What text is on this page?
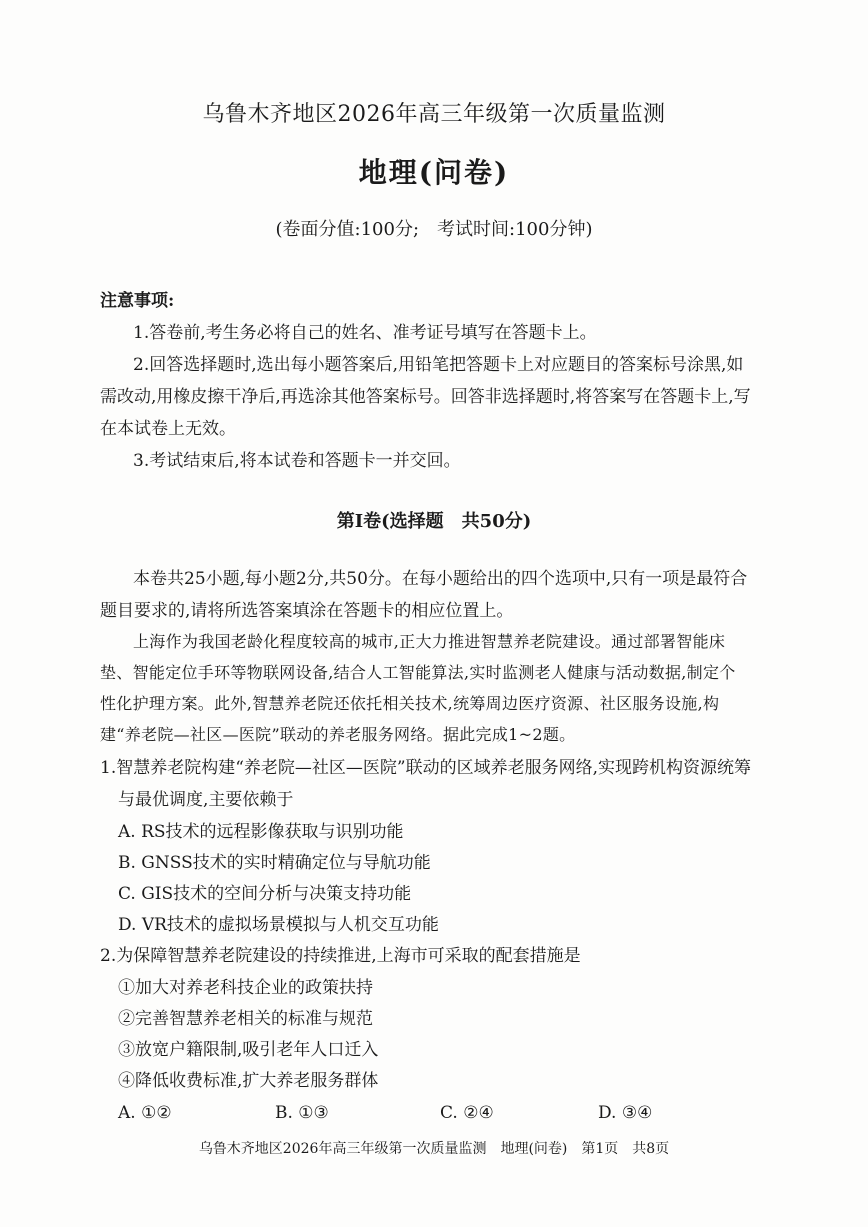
乌鲁木齐地区2026年高三年级第一次质量监测
地理(问卷)
(卷面分值:100分;　考试时间:100分钟)
注意事项:
1.答卷前,考生务必将自己的姓名、准考证号填写在答题卡上。
2.回答选择题时,选出每小题答案后,用铅笔把答题卡上对应题目的答案标号涂黑,如
需改动,用橡皮擦干净后,再选涂其他答案标号。回答非选择题时,将答案写在答题卡上,写
在本试卷上无效。
3.考试结束后,将本试卷和答题卡一并交回。
第Ⅰ卷(选择题　共50分)
本卷共25小题,每小题2分,共50分。在每小题给出的四个选项中,只有一项是最符合
题目要求的,请将所选答案填涂在答题卡的相应位置上。
上海作为我国老龄化程度较高的城市,正大力推进智慧养老院建设。通过部署智能床
垫、智能定位手环等物联网设备,结合人工智能算法,实时监测老人健康与活动数据,制定个
性化护理方案。此外,智慧养老院还依托相关技术,统筹周边医疗资源、社区服务设施,构
建“养老院—社区—医院”联动的养老服务网络。据此完成1~2题。
1.智慧养老院构建“养老院—社区—医院”联动的区域养老服务网络,实现跨机构资源统筹
与最优调度,主要依赖于
A. RS技术的远程影像获取与识别功能
B. GNSS技术的实时精确定位与导航功能
C. GIS技术的空间分析与决策支持功能
D. VR技术的虚拟场景模拟与人机交互功能
2.为保障智慧养老院建设的持续推进,上海市可采取的配套措施是
①加大对养老科技企业的政策扶持
②完善智慧养老相关的标准与规范
③放宽户籍限制,吸引老年人口迁入
④降低收费标准,扩大养老服务群体
A. ①②	B. ①③	C. ②④	D. ③④
乌鲁木齐地区2026年高三年级第一次质量监测　地理(问卷)　第1页　共8页
